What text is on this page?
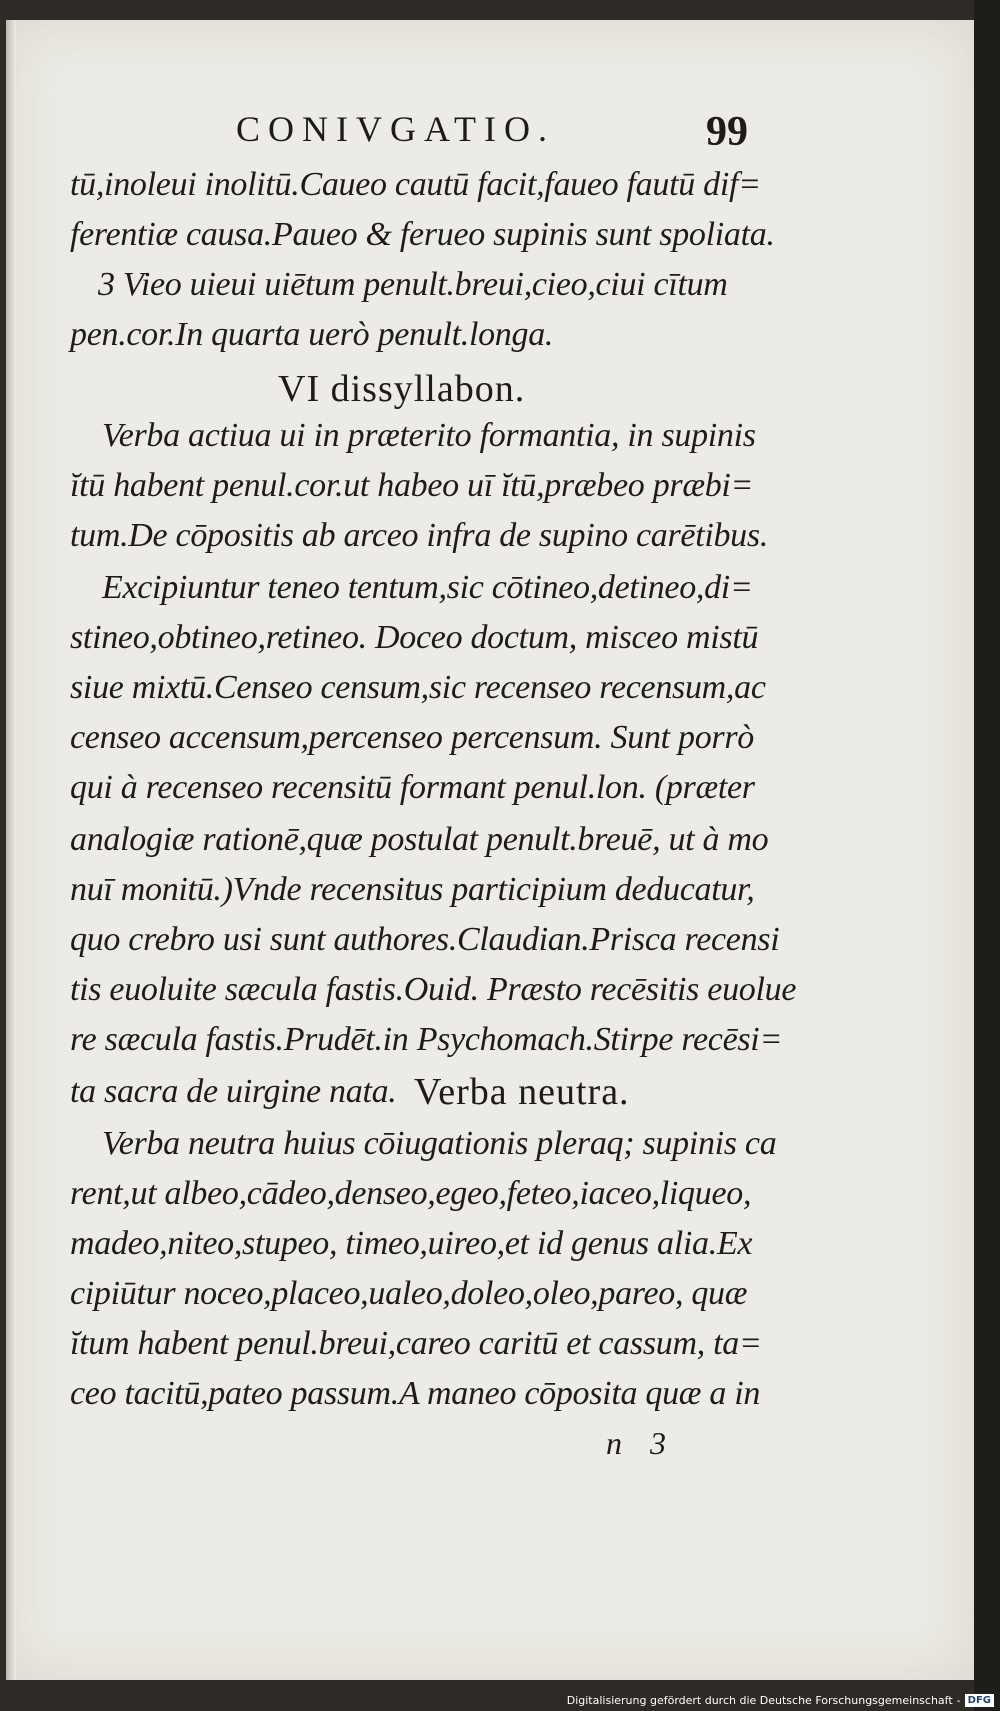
CONIVGATIO.	99
tū,inoleui inolitū.Caueo cautū facit,faueo fautū dif=
ferentiæ causa.Paueo & ferueo supinis sunt spoliata.
3 Vieo uieui uiētum penult.breui,cieo,ciui cītum
pen.cor.In quarta uerò penult.longa.
VI dissyllabon.
Verba actiua ui in præterito formantia, in supinis
ĭtū habent penul.cor.ut habeo uī ĭtū,præbeo præbi=
tum.De cōpositis ab arceo infra de supino carētibus.
Excipiuntur teneo tentum,sic cōtineo,detineo,di=
stineo,obtineo,retineo. Doceo doctum, misceo mistū
siue mixtū.Censeo censum,sic recenseo recensum,ac
censeo accensum,percenseo percensum. Sunt porrò
qui à recenseo recensitū formant penul.lon. (præter
analogiæ rationē,quæ postulat penult.breuē, ut à mo
nuī monitū.)Vnde recensitus participium deducatur,
quo crebro usi sunt authores.Claudian.Prisca recensi
tis euoluite sæcula fastis.Ouid. Præsto recēsitis euolue
re sæcula fastis.Prudēt.in Psychomach.Stirpe recēsi=
ta sacra de uirgine nata. Verba neutra.
Verba neutra huius cōiugationis pleraq; supinis ca
rent,ut albeo,cādeo,denseo,egeo,feteo,iaceo,liqueo,
madeo,niteo,stupeo, timeo,uireo,et id genus alia.Ex
cipiūtur noceo,placeo,ualeo,doleo,oleo,pareo, quæ
ĭtum habent penul.breui,careo caritū et cassum, ta=
ceo tacitū,pateo passum.A maneo cōposita quæ a in
n 3
Digitalisierung gefördert durch die Deutsche Forschungsgemeinschaft - DFG
